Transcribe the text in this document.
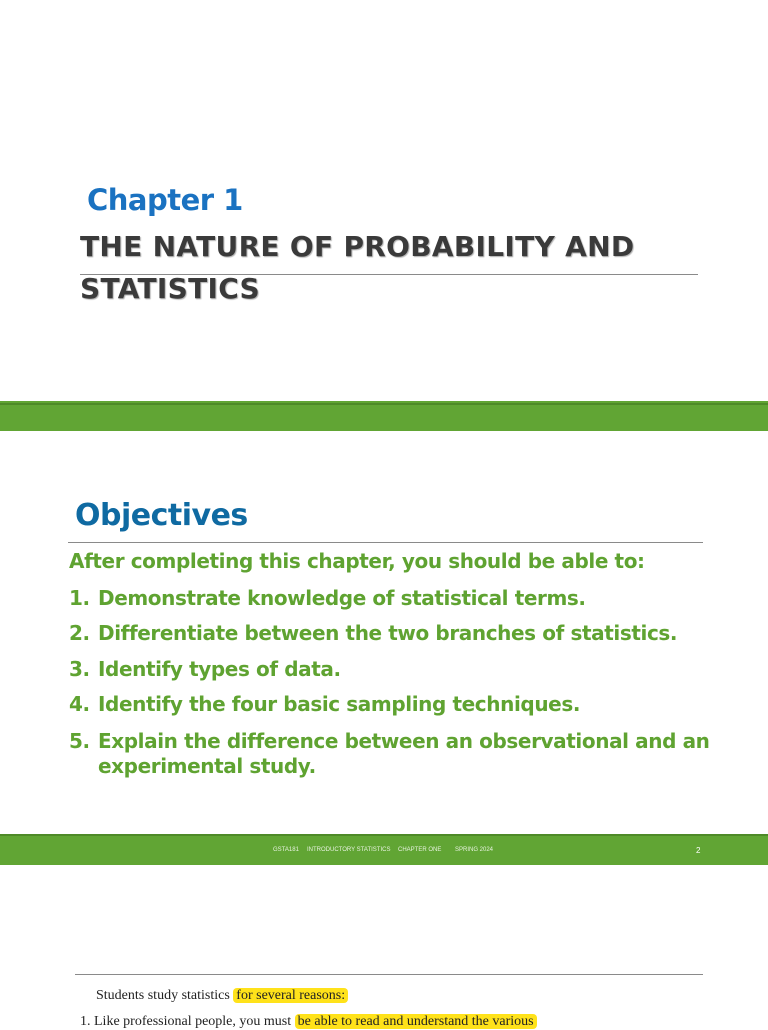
Chapter 1
THE NATURE OF PROBABILITY AND
STATISTICS
Objectives
After completing this chapter, you should be able to:
1. Demonstrate knowledge of statistical terms.
2. Differentiate between the two branches of statistics.
3. Identify types of data.
4. Identify the four basic sampling techniques.
5. Explain the difference between an observational and an
experimental study.
GSTA181 INTRODUCTORY STATISTICS CHAPTER ONE SPRING 2024	2
Students study statistics for several reasons:
1. Like professional people, you must be able to read and understand the various
